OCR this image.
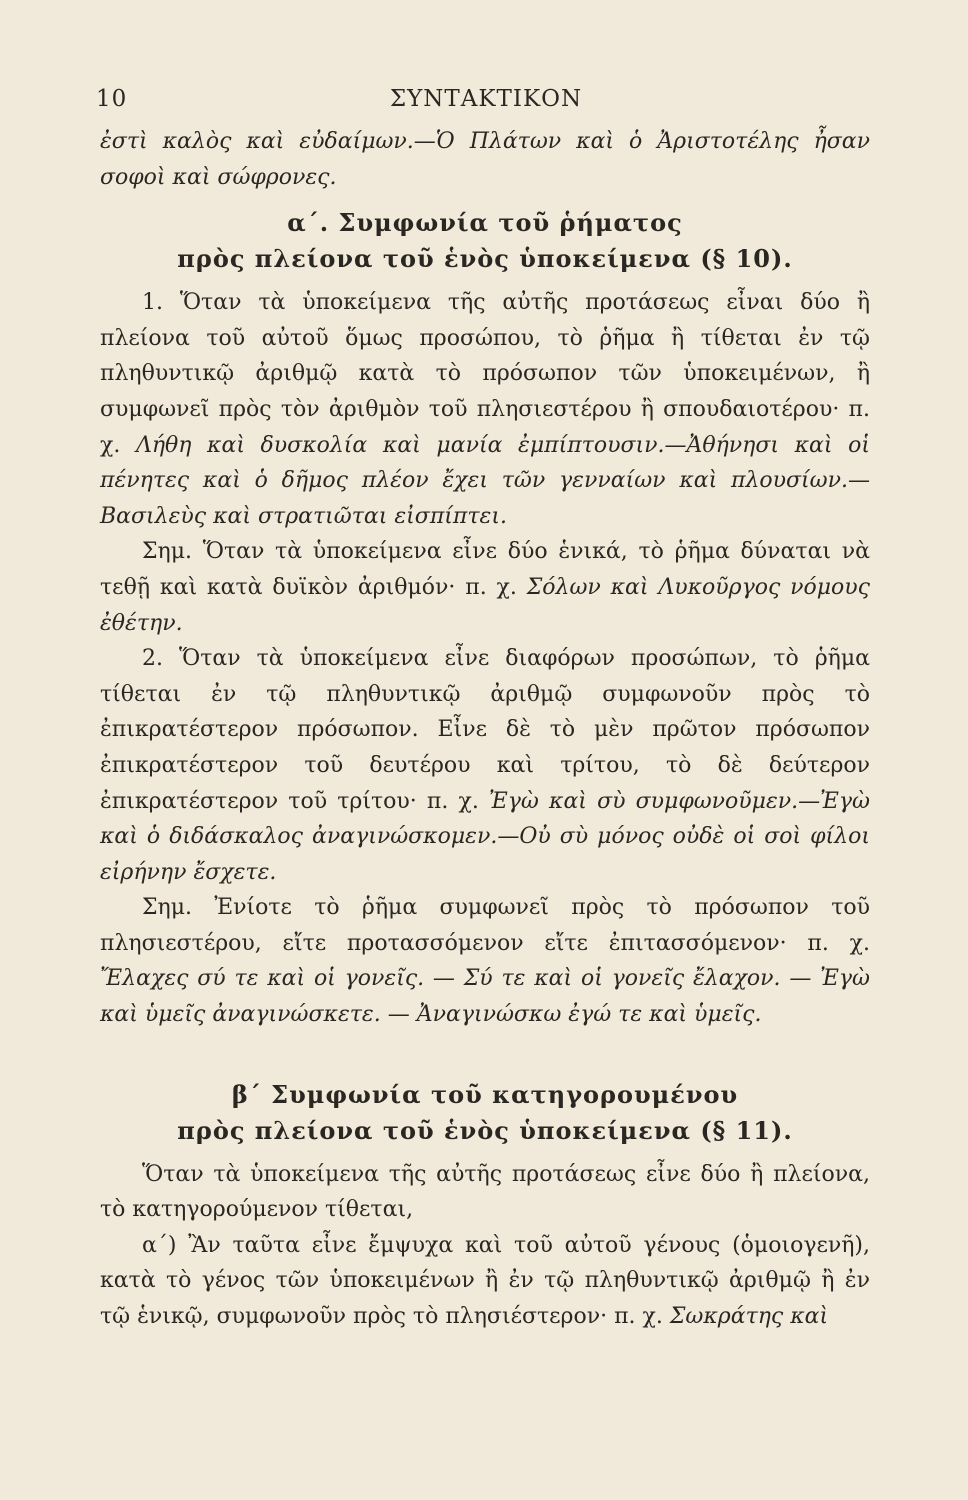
10	ΣΥΝΤΑΚΤΙΚΟΝ

ἐστὶ καλὸς καὶ εὐδαίμων.—Ὁ Πλάτων καὶ ὁ Ἀριστοτέλης ἦσαν σοφοὶ καὶ σώφρονες.

α΄. Συμφωνία τοῦ ῥήματος
πρὸς πλείονα τοῦ ἑνὸς ὑποκείμενα (§ 10).

1. Ὅταν τὰ ὑποκείμενα τῆς αὐτῆς προτάσεως εἶναι δύο ἢ πλείονα τοῦ αὐτοῦ ὅμως προσώπου, τὸ ῥῆμα ἢ τίθεται ἐν τῷ πληθυντικῷ ἀριθμῷ κατὰ τὸ πρόσωπον τῶν ὑποκειμένων, ἢ συμφωνεῖ πρὸς τὸν ἀριθμὸν τοῦ πλησιεστέρου ἢ σπουδαιοτέρου· π. χ. Λήθη καὶ δυσκολία καὶ μανία ἐμπίπτουσιν.—Ἀθήνησι καὶ οἱ πένητες καὶ ὁ δῆμος πλέον ἔχει τῶν γενναίων καὶ πλουσίων.—Βασιλεὺς καὶ στρατιῶται εἰσπίπτει.

Σημ. Ὅταν τὰ ὑποκείμενα εἶνε δύο ἑνικά, τὸ ῥῆμα δύναται νὰ τεθῇ καὶ κατὰ δυϊκὸν ἀριθμόν· π. χ. Σόλων καὶ Λυκοῦργος νόμους ἐθέτην.

2. Ὅταν τὰ ὑποκείμενα εἶνε διαφόρων προσώπων, τὸ ῥῆμα τίθεται ἐν τῷ πληθυντικῷ ἀριθμῷ συμφωνοῦν πρὸς τὸ ἐπικρατέστερον πρόσωπον. Εἶνε δὲ τὸ μὲν πρῶτον πρόσωπον ἐπικρατέστερον τοῦ δευτέρου καὶ τρίτου, τὸ δὲ δεύτερον ἐπικρατέστερον τοῦ τρίτου· π. χ. Ἐγὼ καὶ σὺ συμφωνοῦμεν.—Ἐγὼ καὶ ὁ διδάσκαλος ἀναγινώσκομεν.—Οὐ σὺ μόνος οὐδὲ οἱ σοὶ φίλοι εἰρήνην ἔσχετε.

Σημ. Ἐνίοτε τὸ ῥῆμα συμφωνεῖ πρὸς τὸ πρόσωπον τοῦ πλησιεστέρου, εἴτε προτασσόμενον εἴτε ἐπιτασσόμενον· π. χ. Ἔλαχες σύ τε καὶ οἱ γονεῖς. — Σύ τε καὶ οἱ γονεῖς ἔλαχον. — Ἐγὼ καὶ ὑμεῖς ἀναγινώσκετε. — Ἀναγινώσκω ἐγώ τε καὶ ὑμεῖς.

β΄ Συμφωνία τοῦ κατηγορουμένου
πρὸς πλείονα τοῦ ἑνὸς ὑποκείμενα (§ 11).

Ὅταν τὰ ὑποκείμενα τῆς αὐτῆς προτάσεως εἶνε δύο ἢ πλείονα, τὸ κατηγορούμενον τίθεται,

α΄) Ἂν ταῦτα εἶνε ἔμψυχα καὶ τοῦ αὐτοῦ γένους (ὁμοιογενῆ), κατὰ τὸ γένος τῶν ὑποκειμένων ἢ ἐν τῷ πληθυντικῷ ἀριθμῷ ἢ ἐν τῷ ἑνικῷ, συμφωνοῦν πρὸς τὸ πλησιέστερον· π. χ. Σωκράτης καὶ
